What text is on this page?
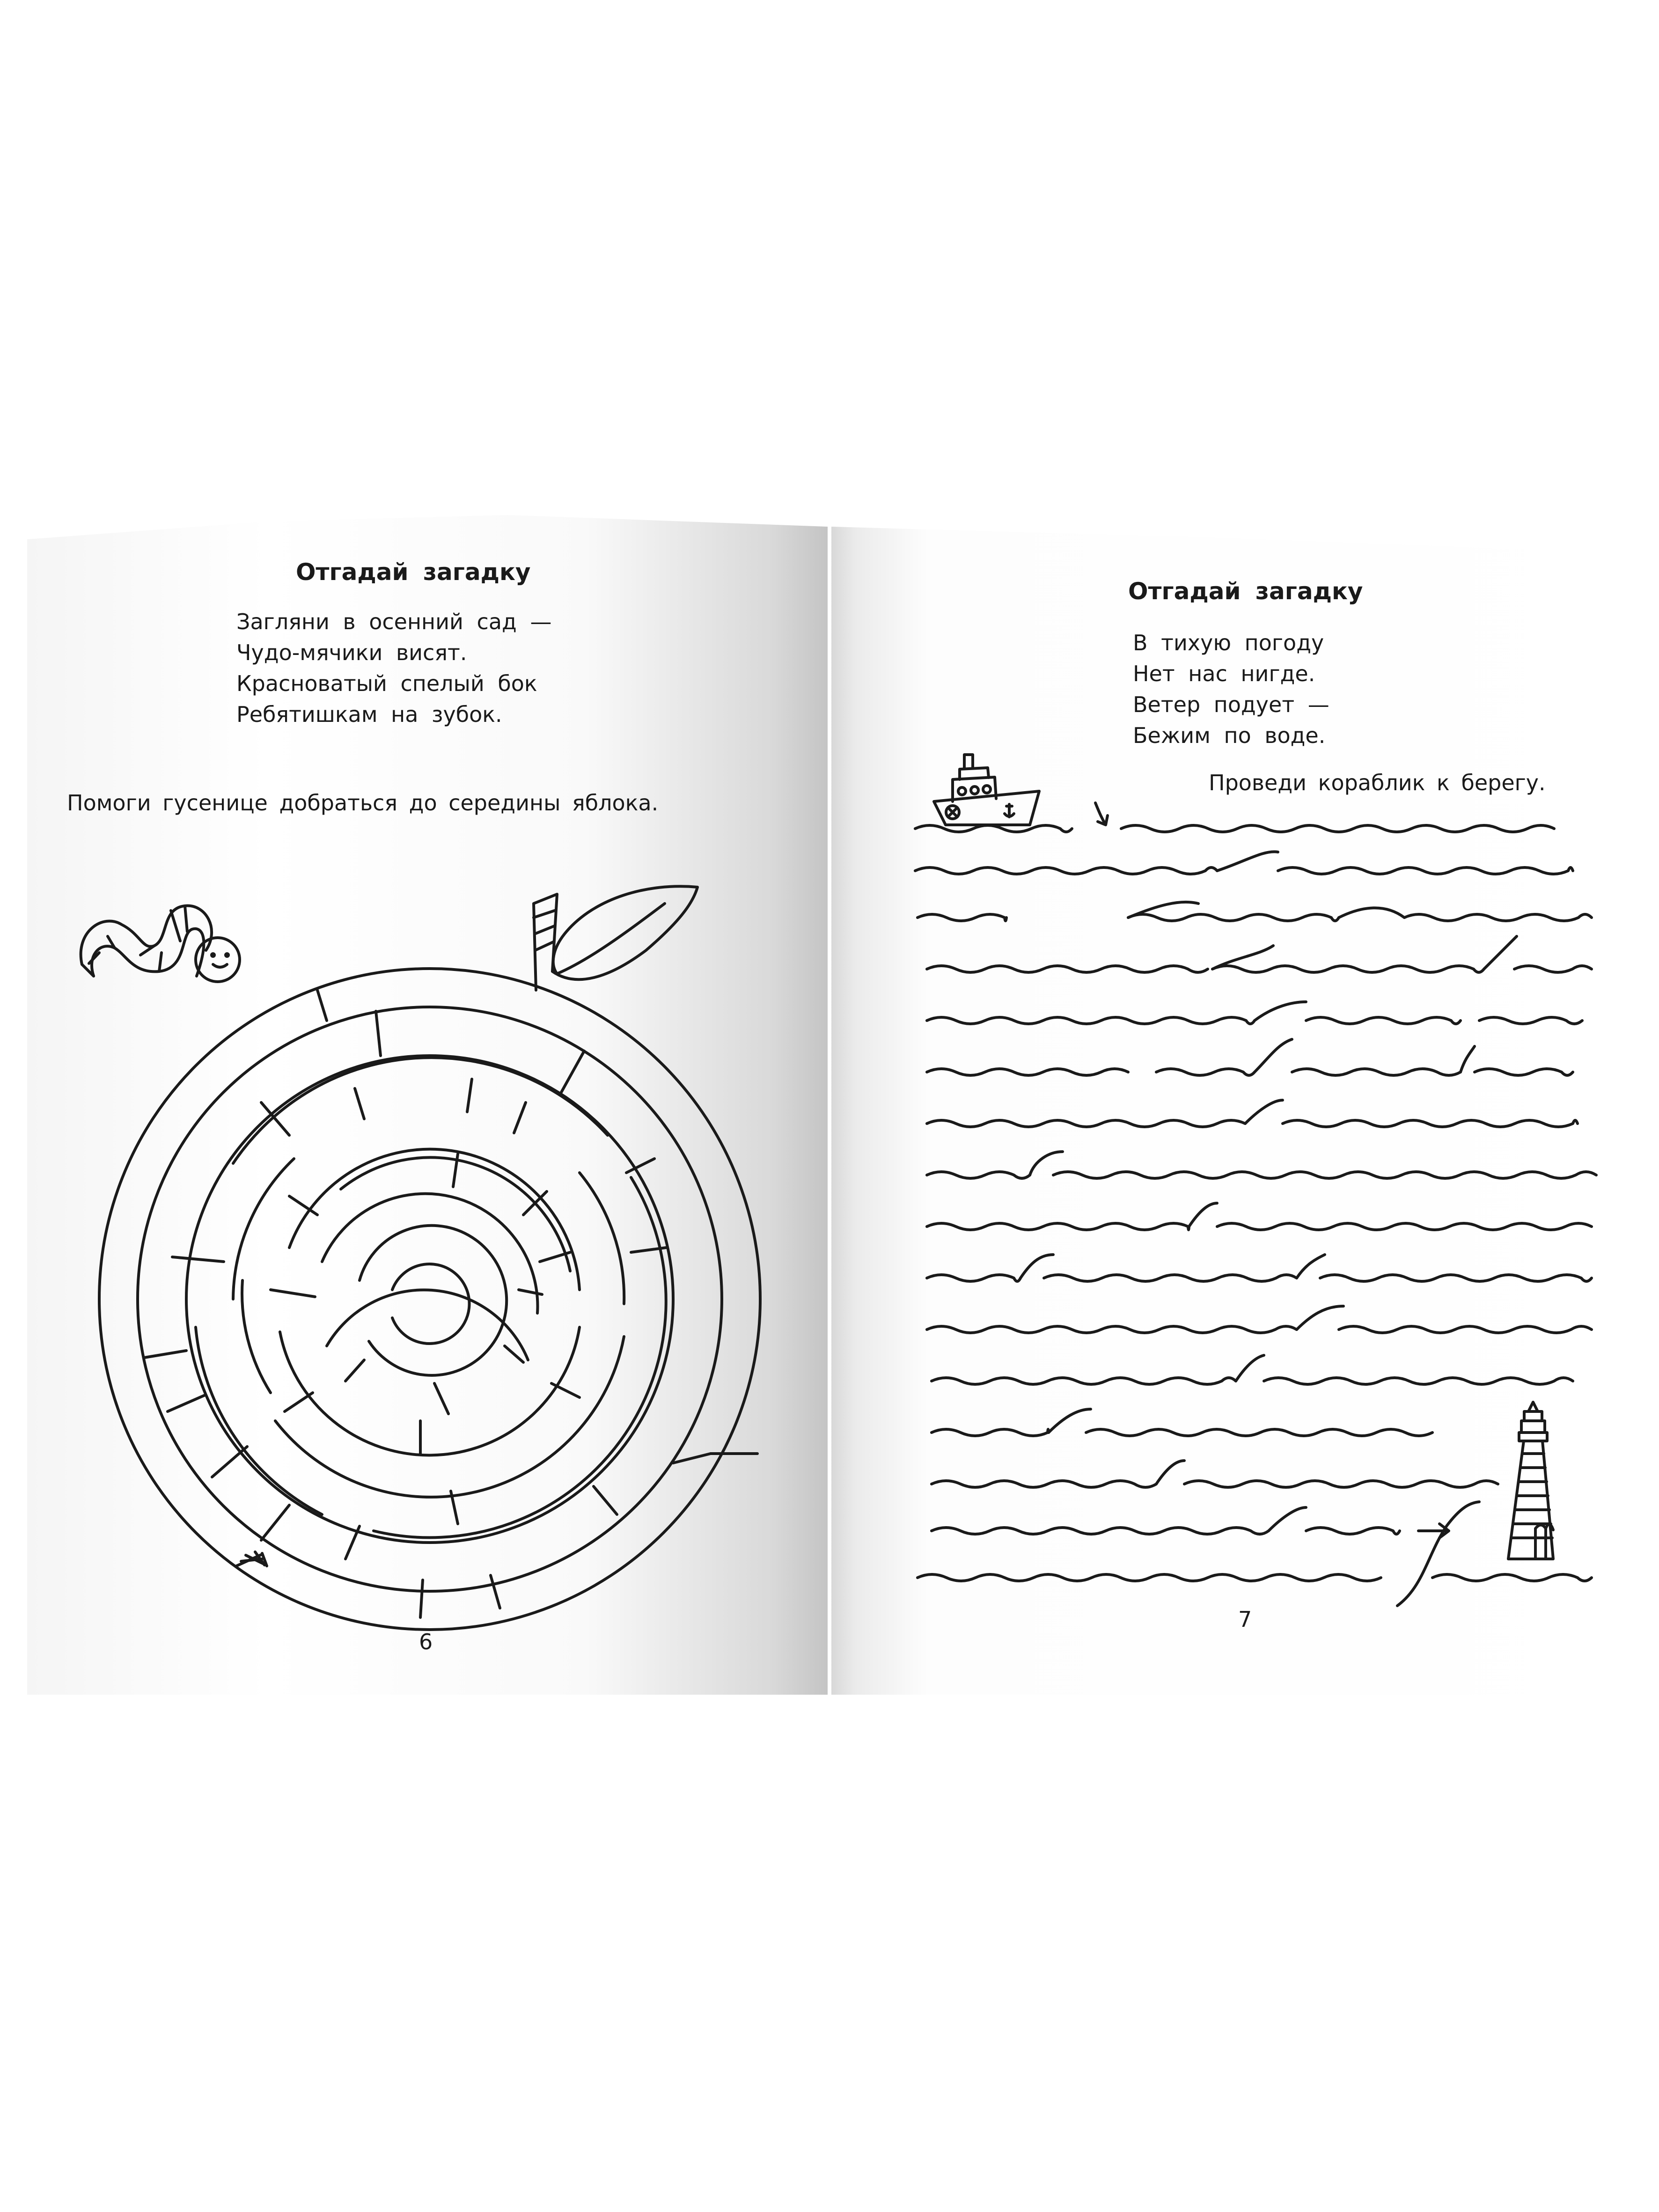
Отгадай загадку
Загляни в осенний сад —
Чудо-мячики висят.
Красноватый спелый бок
Ребятишкам на зубок.
Помоги гусенице добраться до середины яблока.
6
Отгадай загадку
В тихую погоду
Нет нас нигде.
Ветер подует —
Бежим по воде.
Проведи кораблик к берегу.
7
